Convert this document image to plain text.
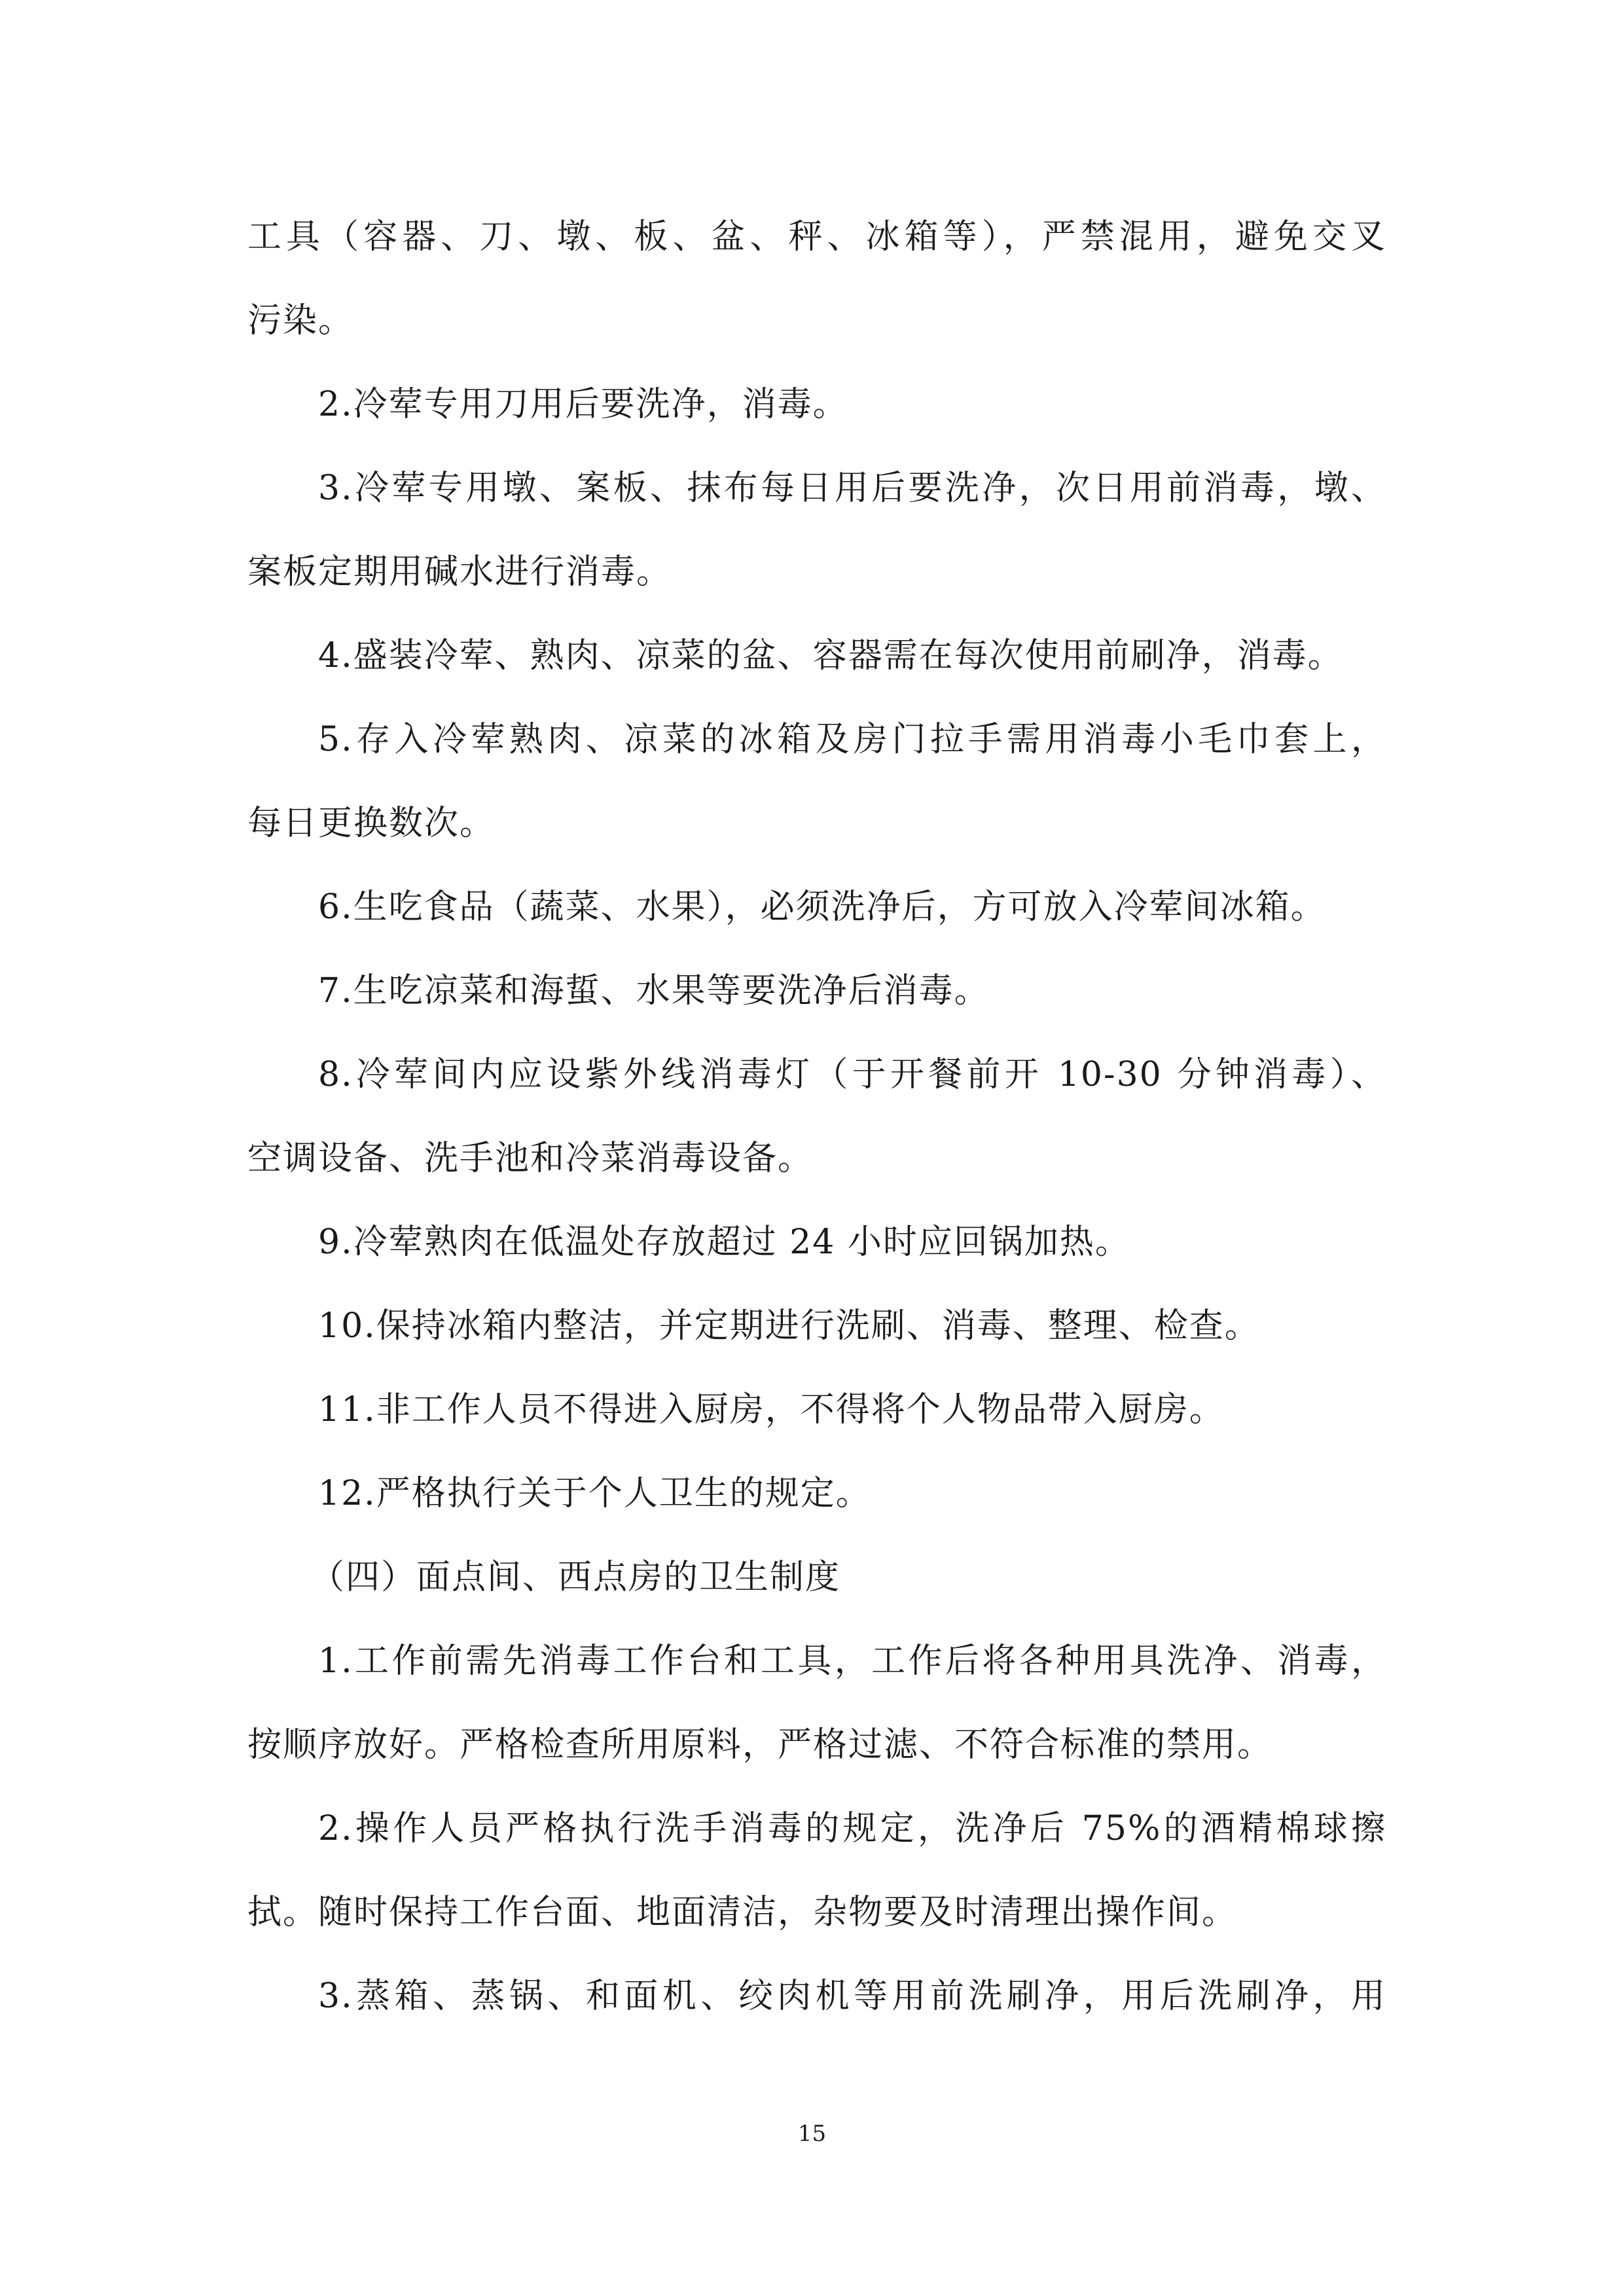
工具（容器、刀、墩、板、盆、秤、冰箱等），严禁混用，避免交叉
污染。
2.冷荤专用刀用后要洗净，消毒。
3.冷荤专用墩、案板、抹布每日用后要洗净，次日用前消毒，墩、
案板定期用碱水进行消毒。
4.盛装冷荤、熟肉、凉菜的盆、容器需在每次使用前刷净，消毒。
5.存入冷荤熟肉、凉菜的冰箱及房门拉手需用消毒小毛巾套上，
每日更换数次。
6.生吃食品（蔬菜、水果），必须洗净后，方可放入冷荤间冰箱。
7.生吃凉菜和海蜇、水果等要洗净后消毒。
8.冷荤间内应设紫外线消毒灯（于开餐前开 10-30 分钟消毒）、
空调设备、洗手池和冷菜消毒设备。
9.冷荤熟肉在低温处存放超过 24 小时应回锅加热。
10.保持冰箱内整洁，并定期进行洗刷、消毒、整理、检查。
11.非工作人员不得进入厨房，不得将个人物品带入厨房。
12.严格执行关于个人卫生的规定。
（四）面点间、西点房的卫生制度
1.工作前需先消毒工作台和工具，工作后将各种用具洗净、消毒，
按顺序放好。严格检查所用原料，严格过滤、不符合标准的禁用。
2.操作人员严格执行洗手消毒的规定，洗净后 75%的酒精棉球擦
拭。随时保持工作台面、地面清洁，杂物要及时清理出操作间。
3.蒸箱、蒸锅、和面机、绞肉机等用前洗刷净，用后洗刷净，用
15
